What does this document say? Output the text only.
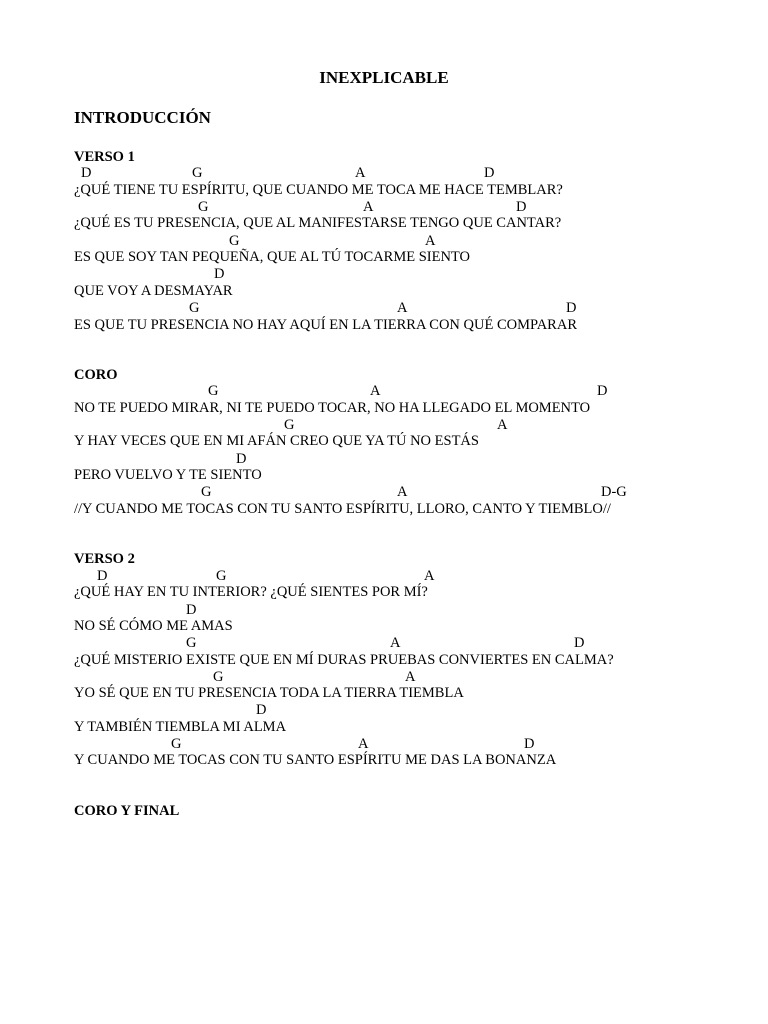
INEXPLICABLE
INTRODUCCIÓN
VERSO 1
D	G	A	D
¿QUÉ TIENE TU ESPÍRITU, QUE CUANDO ME TOCA ME HACE TEMBLAR?
G	A	D
¿QUÉ ES TU PRESENCIA, QUE AL MANIFESTARSE TENGO QUE CANTAR?
G	A
ES QUE SOY TAN PEQUEÑA, QUE AL TÚ TOCARME SIENTO
D
QUE VOY A DESMAYAR
G	A	D
ES QUE TU PRESENCIA NO HAY AQUÍ EN LA TIERRA CON QUÉ COMPARAR
CORO
G	A	D
NO TE PUEDO MIRAR, NI TE PUEDO TOCAR, NO HA LLEGADO EL MOMENTO
G	A
Y HAY VECES QUE EN MI AFÁN CREO QUE YA TÚ NO ESTÁS
D
PERO VUELVO Y TE SIENTO
G	A	D-G
//Y CUANDO ME TOCAS CON TU SANTO ESPÍRITU, LLORO, CANTO Y TIEMBLO//
VERSO 2
D	G	A
¿QUÉ HAY EN TU INTERIOR? ¿QUÉ SIENTES POR MÍ?
D
NO SÉ CÓMO ME AMAS
G	A	D
¿QUÉ MISTERIO EXISTE QUE EN MÍ DURAS PRUEBAS CONVIERTES EN CALMA?
G	A
YO SÉ QUE EN TU PRESENCIA TODA LA TIERRA TIEMBLA
D
Y TAMBIÉN TIEMBLA MI ALMA
G	A	D
Y CUANDO ME TOCAS CON TU SANTO ESPÍRITU ME DAS LA BONANZA
CORO Y FINAL
